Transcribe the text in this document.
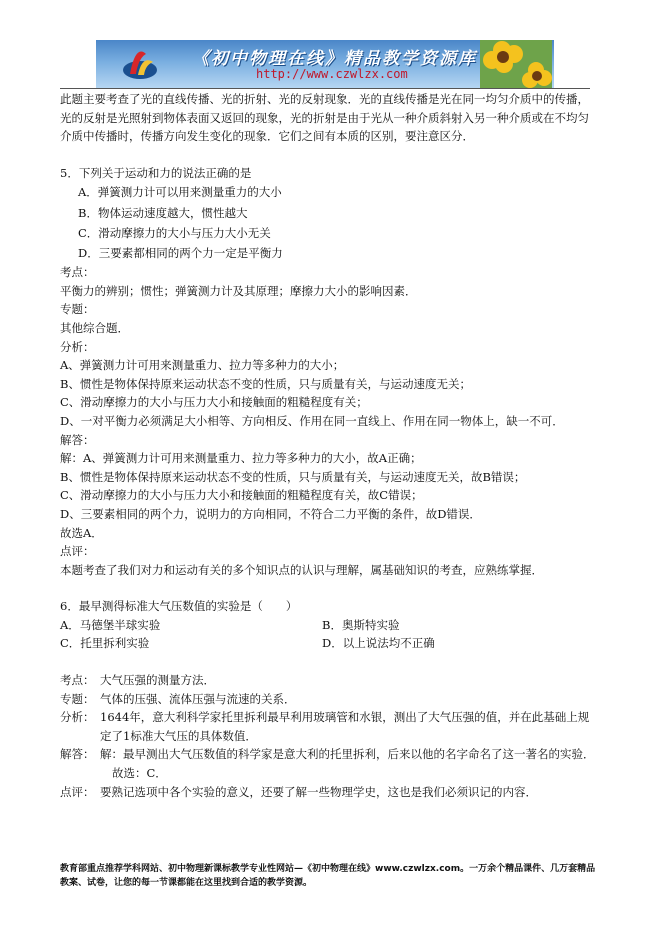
《初中物理在线》精品教学资源库
http://www.czwlzx.com

此题主要考查了光的直线传播、光的折射、光的反射现象．光的直线传播是光在同一均匀介质中的传播，光的反射是光照射到物体表面又返回的现象，光的折射是由于光从一种介质斜射入另一种介质或在不均匀介质中传播时，传播方向发生变化的现象．它们之间有本质的区别，要注意区分．

5．下列关于运动和力的说法正确的是

A．弹簧测力计可以用来测量重力的大小

B．物体运动速度越大，惯性越大

C．滑动摩擦力的大小与压力大小无关

D．三要素都相同的两个力一定是平衡力

考点：

平衡力的辨别；惯性；弹簧测力计及其原理；摩擦力大小的影响因素．

专题：

其他综合题．

分析：

A、弹簧测力计可用来测量重力、拉力等多种力的大小；

B、惯性是物体保持原来运动状态不变的性质，只与质量有关，与运动速度无关；

C、滑动摩擦力的大小与压力大小和接触面的粗糙程度有关；

D、一对平衡力必须满足大小相等、方向相反、作用在同一直线上、作用在同一物体上，缺一不可．

解答：

解：A、弹簧测力计可用来测量重力、拉力等多种力的大小，故A正确；

B、惯性是物体保持原来运动状态不变的性质，只与质量有关，与运动速度无关，故B错误；

C、滑动摩擦力的大小与压力大小和接触面的粗糙程度有关，故C错误；

D、三要素相同的两个力，说明力的方向相同，不符合二力平衡的条件，故D错误．

故选A．

点评：

本题考查了我们对力和运动有关的多个知识点的认识与理解，属基础知识的考查，应熟练掌握．

6．最早测得标准大气压数值的实验是（　　）

A．马德堡半球实验	B．奥斯特实验
C．托里拆利实验	D．以上说法均不正确
考点： 大气压强的测量方法．
专题： 气体的压强、流体压强与流速的关系．
分析： 1644年，意大利科学家托里拆利最早利用玻璃管和水银，测出了大气压强的值，并在此基础上规定了1标准大气压的具体数值．
解答： 解：最早测出大气压数值的科学家是意大利的托里拆利，后来以他的名字命名了这一著名的实验．
故选：C．
点评： 要熟记选项中各个实验的意义，还要了解一些物理学史，这也是我们必须识记的内容．
教育部重点推荐学科网站、初中物理新课标教学专业性网站—《初中物理在线》www.czwlzx.com。一万余个精品课件、几万套精品教案、试卷，让您的每一节课都能在这里找到合适的教学资源。
